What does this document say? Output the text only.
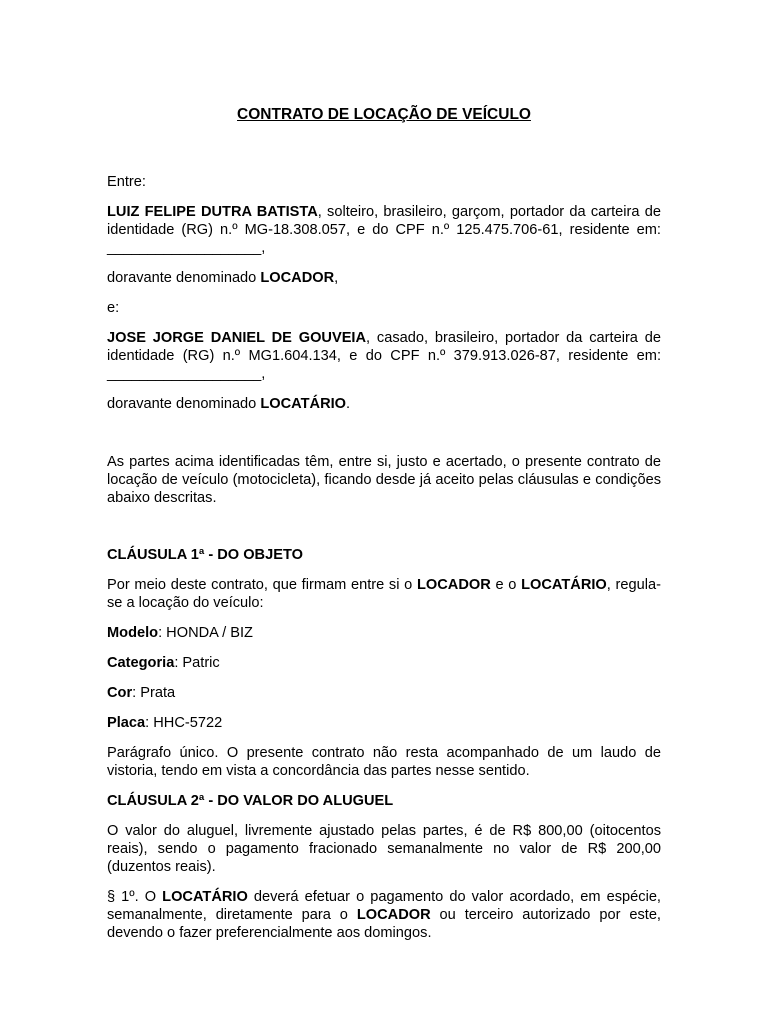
CONTRATO DE LOCAÇÃO DE VEÍCULO

Entre:

LUIZ FELIPE DUTRA BATISTA, solteiro, brasileiro, garçom, portador da carteira de identidade (RG) n.º MG-18.308.057, e do CPF n.º 125.475.706-61, residente em: ___________________,

doravante denominado LOCADOR,

e:

JOSE JORGE DANIEL DE GOUVEIA, casado, brasileiro, portador da carteira de identidade (RG) n.º MG1.604.134, e do CPF n.º 379.913.026-87, residente em: ___________________,

doravante denominado LOCATÁRIO.

As partes acima identificadas têm, entre si, justo e acertado, o presente contrato de locação de veículo (motocicleta), ficando desde já aceito pelas cláusulas e condições abaixo descritas.

CLÁUSULA 1ª - DO OBJETO

Por meio deste contrato, que firmam entre si o LOCADOR e o LOCATÁRIO, regula-se a locação do veículo:

Modelo: HONDA / BIZ

Categoria: Patric

Cor: Prata

Placa: HHC-5722

Parágrafo único. O presente contrato não resta acompanhado de um laudo de vistoria, tendo em vista a concordância das partes nesse sentido.

CLÁUSULA 2ª - DO VALOR DO ALUGUEL

O valor do aluguel, livremente ajustado pelas partes, é de R$ 800,00 (oitocentos reais), sendo o pagamento fracionado semanalmente no valor de R$ 200,00 (duzentos reais).

§ 1º. O LOCATÁRIO deverá efetuar o pagamento do valor acordado, em espécie, semanalmente, diretamente para o LOCADOR ou terceiro autorizado por este, devendo o fazer preferencialmente aos domingos.
